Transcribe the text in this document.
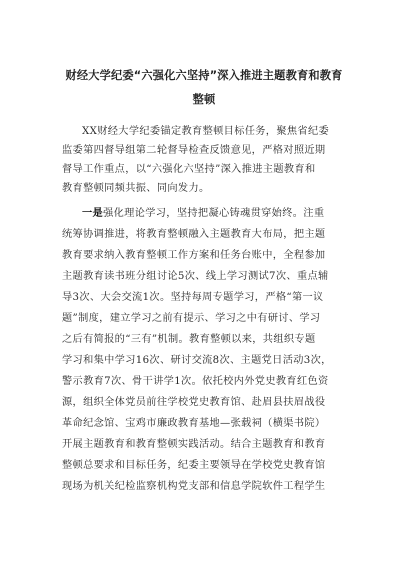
财经大学纪委“六强化六坚持”深入推进主题教育和教育
整顿
XX财经大学纪委锚定教育整顿目标任务，聚焦省纪委
监委第四督导组第二轮督导检查反馈意见，严格对照近期
督导工作重点，以“六强化六坚持”深入推进主题教育和
教育整顿同频共振、同向发力。
一是强化理论学习，坚持把凝心铸魂贯穿始终。注重
统筹协调推进，将教育整顿融入主题教育大布局，把主题
教育要求纳入教育整顿工作方案和任务台账中，全程参加
主题教育读书班分组讨论5次、线上学习测试7次、重点辅
导3次、大会交流1次。坚持每周专题学习，严格“第一议
题”制度，建立学习之前有提示、学习之中有研讨、学习
之后有简报的“三有”机制。教育整顿以来，共组织专题
学习和集中学习16次、研讨交流8次、主题党日活动3次，
警示教育7次、骨干讲学1次。依托校内外党史教育红色资
源，组织全体党员前往学校党史教育馆、赴眉县扶眉战役
革命纪念馆、宝鸡市廉政教育基地—张载祠（横渠书院）
开展主题教育和教育整顿实践活动。结合主题教育和教育
整顿总要求和目标任务，纪委主要领导在学校党史教育馆
现场为机关纪检监察机构党支部和信息学院软件工程学生
